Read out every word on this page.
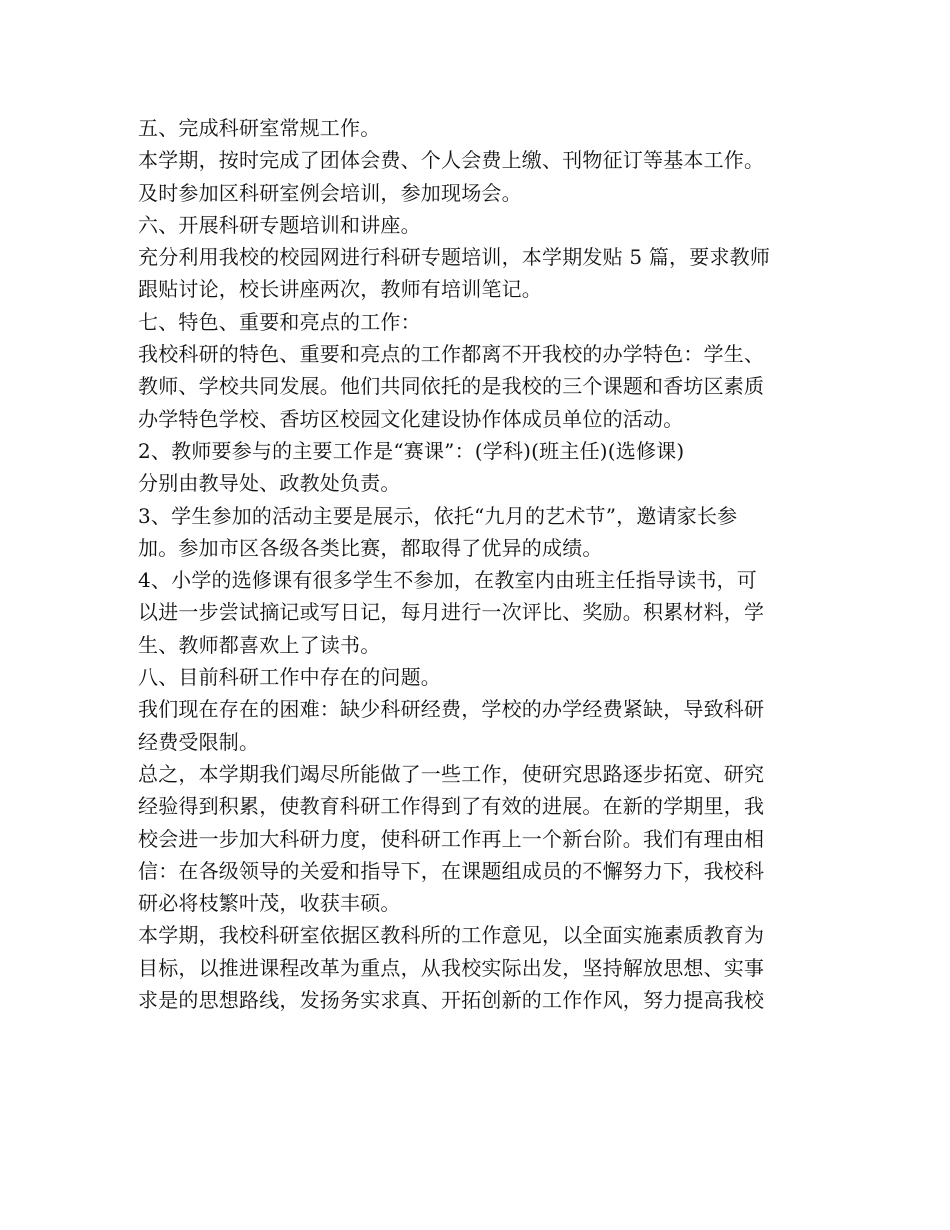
五、完成科研室常规工作。
本学期，按时完成了团体会费、个人会费上缴、刊物征订等基本工作。
及时参加区科研室例会培训，参加现场会。
六、开展科研专题培训和讲座。
充分利用我校的校园网进行科研专题培训，本学期发贴 5 篇，要求教师
跟贴讨论，校长讲座两次，教师有培训笔记。
七、特色、重要和亮点的工作：
我校科研的特色、重要和亮点的工作都离不开我校的办学特色：学生、
教师、学校共同发展。他们共同依托的是我校的三个课题和香坊区素质
办学特色学校、香坊区校园文化建设协作体成员单位的活动。
2、教师要参与的主要工作是“赛课”：(学科)(班主任)(选修课)
分别由教导处、政教处负责。
3、学生参加的活动主要是展示，依托“九月的艺术节”，邀请家长参
加。参加市区各级各类比赛，都取得了优异的成绩。
4、小学的选修课有很多学生不参加，在教室内由班主任指导读书，可
以进一步尝试摘记或写日记，每月进行一次评比、奖励。积累材料，学
生、教师都喜欢上了读书。
八、目前科研工作中存在的问题。
我们现在存在的困难：缺少科研经费，学校的办学经费紧缺，导致科研
经费受限制。
总之，本学期我们竭尽所能做了一些工作，使研究思路逐步拓宽、研究
经验得到积累，使教育科研工作得到了有效的进展。在新的学期里，我
校会进一步加大科研力度，使科研工作再上一个新台阶。我们有理由相
信：在各级领导的关爱和指导下，在课题组成员的不懈努力下，我校科
研必将枝繁叶茂，收获丰硕。
本学期，我校科研室依据区教科所的工作意见，以全面实施素质教育为
目标，以推进课程改革为重点，从我校实际出发，坚持解放思想、实事
求是的思想路线，发扬务实求真、开拓创新的工作作风，努力提高我校
